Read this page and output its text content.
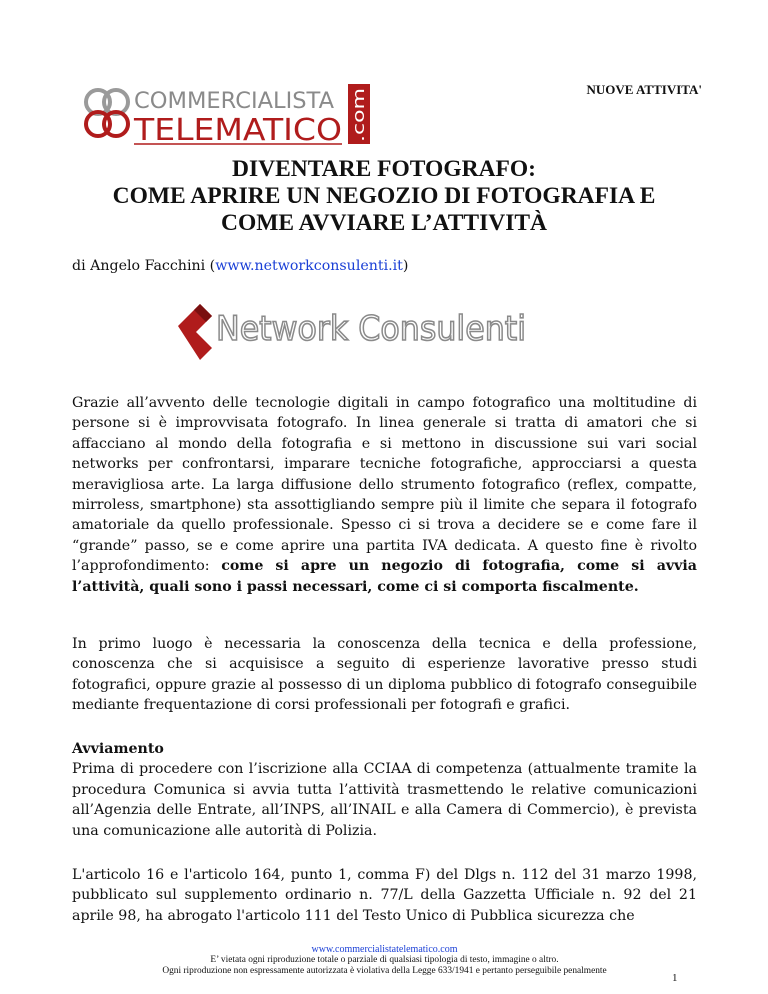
NUOVE ATTIVITA'
COMMERCIALISTA
TELEMATICO .com
DIVENTARE FOTOGRAFO:
COME APRIRE UN NEGOZIO DI FOTOGRAFIA E
COME AVVIARE L’ATTIVITÀ
di Angelo Facchini (www.networkconsulenti.it)
Network Consulenti
Grazie all’avvento delle tecnologie digitali in campo fotografico una moltitudine di persone si è improvvisata fotografo. In linea generale si tratta di amatori che si affacciano al mondo della fotografia e si mettono in discussione sui vari social networks per confrontarsi, imparare tecniche fotografiche, approcciarsi a questa meravigliosa arte. La larga diffusione dello strumento fotografico (reflex, compatte, mirroless, smartphone) sta assottigliando sempre più il limite che separa il fotografo amatoriale da quello professionale. Spesso ci si trova a decidere se e come fare il “grande” passo, se e come aprire una partita IVA dedicata. A questo fine è rivolto l’approfondimento: come si apre un negozio di fotografia, come si avvia l’attività, quali sono i passi necessari, come ci si comporta fiscalmente.
In primo luogo è necessaria la conoscenza della tecnica e della professione, conoscenza che si acquisisce a seguito di esperienze lavorative presso studi fotografici, oppure grazie al possesso di un diploma pubblico di fotografo conseguibile mediante frequentazione di corsi professionali per fotografi e grafici.
Avviamento
Prima di procedere con l’iscrizione alla CCIAA di competenza (attualmente tramite la procedura Comunica si avvia tutta l’attività trasmettendo le relative comunicazioni all’Agenzia delle Entrate, all’INPS, all’INAIL e alla Camera di Commercio), è prevista una comunicazione alle autorità di Polizia.
L'articolo 16 e l'articolo 164, punto 1, comma F) del Dlgs n. 112 del 31 marzo 1998, pubblicato sul supplemento ordinario n. 77/L della Gazzetta Ufficiale n. 92 del 21 aprile 98, ha abrogato l'articolo 111 del Testo Unico di Pubblica sicurezza che
www.commercialistatelematico.com
E’ vietata ogni riproduzione totale o parziale di qualsiasi tipologia di testo, immagine o altro.
Ogni riproduzione non espressamente autorizzata è violativa della Legge 633/1941 e pertanto perseguibile penalmente
1
